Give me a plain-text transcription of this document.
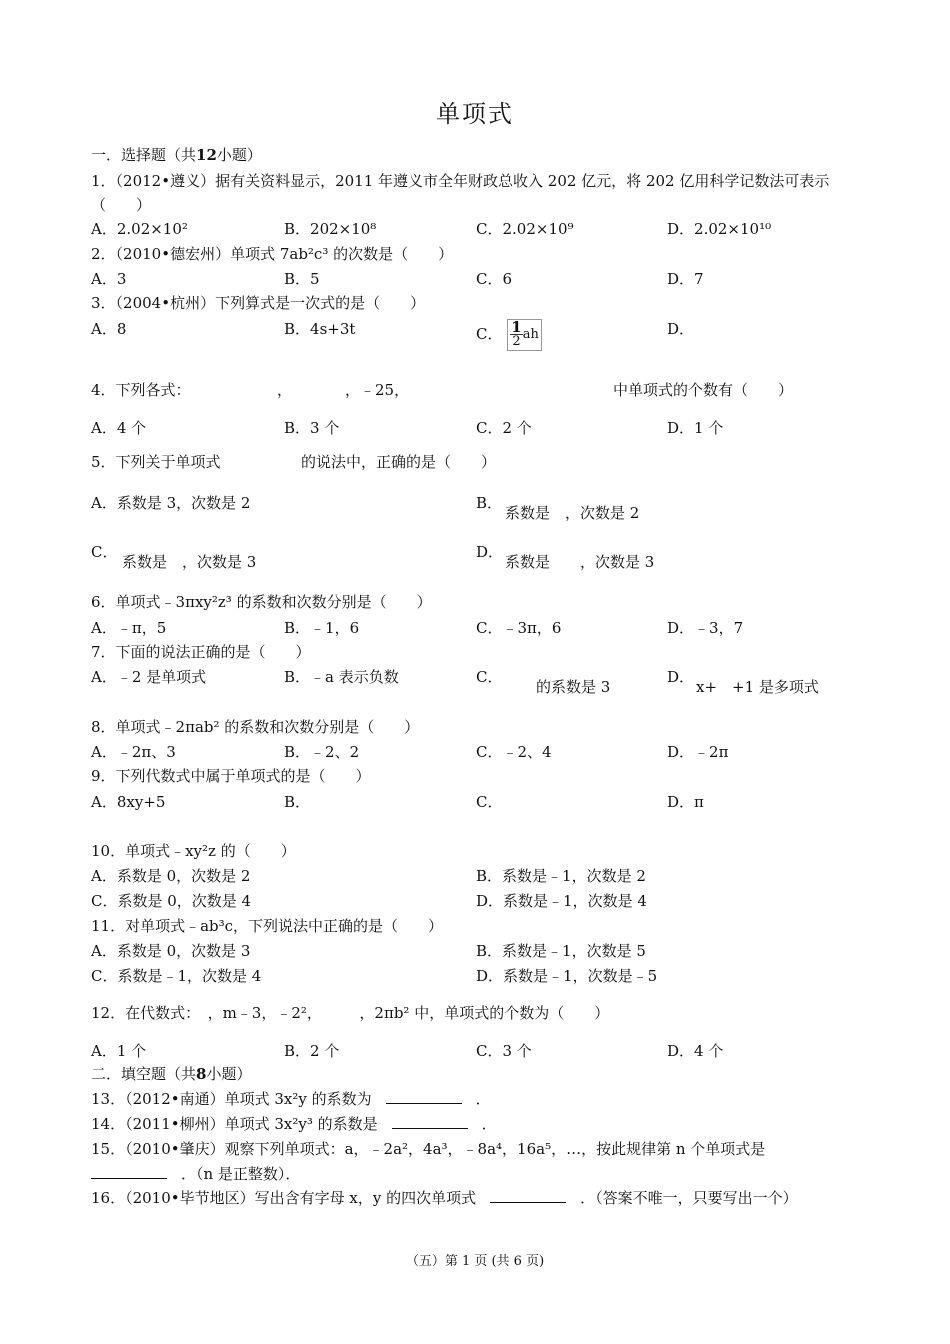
单项式
一．选择题（共12小题）
1．（2012•遵义）据有关资料显示，2011 年遵义市全年财政总收入 202 亿元，将 202 亿用科学记数法可表示（　　）
A．2.02×10²	B．202×10⁸	C．2.02×10⁹	D．2.02×10¹⁰
2．（2010•德宏州）单项式 7ab²c³ 的次数是（　　）
A．3	B．5	C．6	D．7
3．（2004•杭州）下列算式是一次式的是（　　）
A．8	B．4s+3t	C． $\frac{1}{2}$ ah	D．
4．下列各式：	，	，﹣25，	中单项式的个数有（　　）
A．4 个	B．3 个	C．2 个	D．1 个
5．下列关于单项式	的说法中，正确的是（　　）
A．系数是 3，次数是 2	B．
系数是　，次数是 2
C．
系数是　，次数是 3
D．
系数是　　，次数是 3
6．单项式﹣3πxy²z³ 的系数和次数分别是（　　）
A．﹣π，5	B．﹣1，6	C．﹣3π，6	D．﹣3，7
7．下面的说法正确的是（　　）
A．﹣2 是单项式	B．﹣a 表示负数	C．
的系数是 3
D．
x+　+1 是多项式
8．单项式﹣2πab² 的系数和次数分别是（　　）
A．﹣2π、3	B．﹣2、2	C．﹣2、4	D．﹣2π
9．下列代数式中属于单项式的是（　　）
A．8xy+5	B．	C．	D．π
10．单项式﹣xy²z 的（　　）
A．系数是 0，次数是 2	B．系数是﹣1，次数是 2
C．系数是 0，次数是 4	D．系数是﹣1，次数是 4
11．对单项式﹣ab³c，下列说法中正确的是（　　）
A．系数是 0，次数是 3	B．系数是﹣1，次数是 5
C．系数是﹣1，次数是 4	D．系数是﹣1，次数是﹣5
12．在代数式：　，m﹣3，﹣2²，　　　，2πb² 中，单项式的个数为（　　）
A．1 个	B．2 个	C．3 个	D．4 个
二．填空题（共8小题）
13．（2012•南通）单项式 3x²y 的系数为	．
14．（2011•柳州）单项式 3x²y³ 的系数是	．
15．（2010•肇庆）观察下列单项式：a，﹣2a²，4a³，﹣8a⁴，16a⁵，…，按此规律第 n 个单项式是
．（n 是正整数）．
16．（2010•毕节地区）写出含有字母 x，y 的四次单项式	．（答案不唯一，只要写出一个）
（五）第 1 页 (共 6 页)
